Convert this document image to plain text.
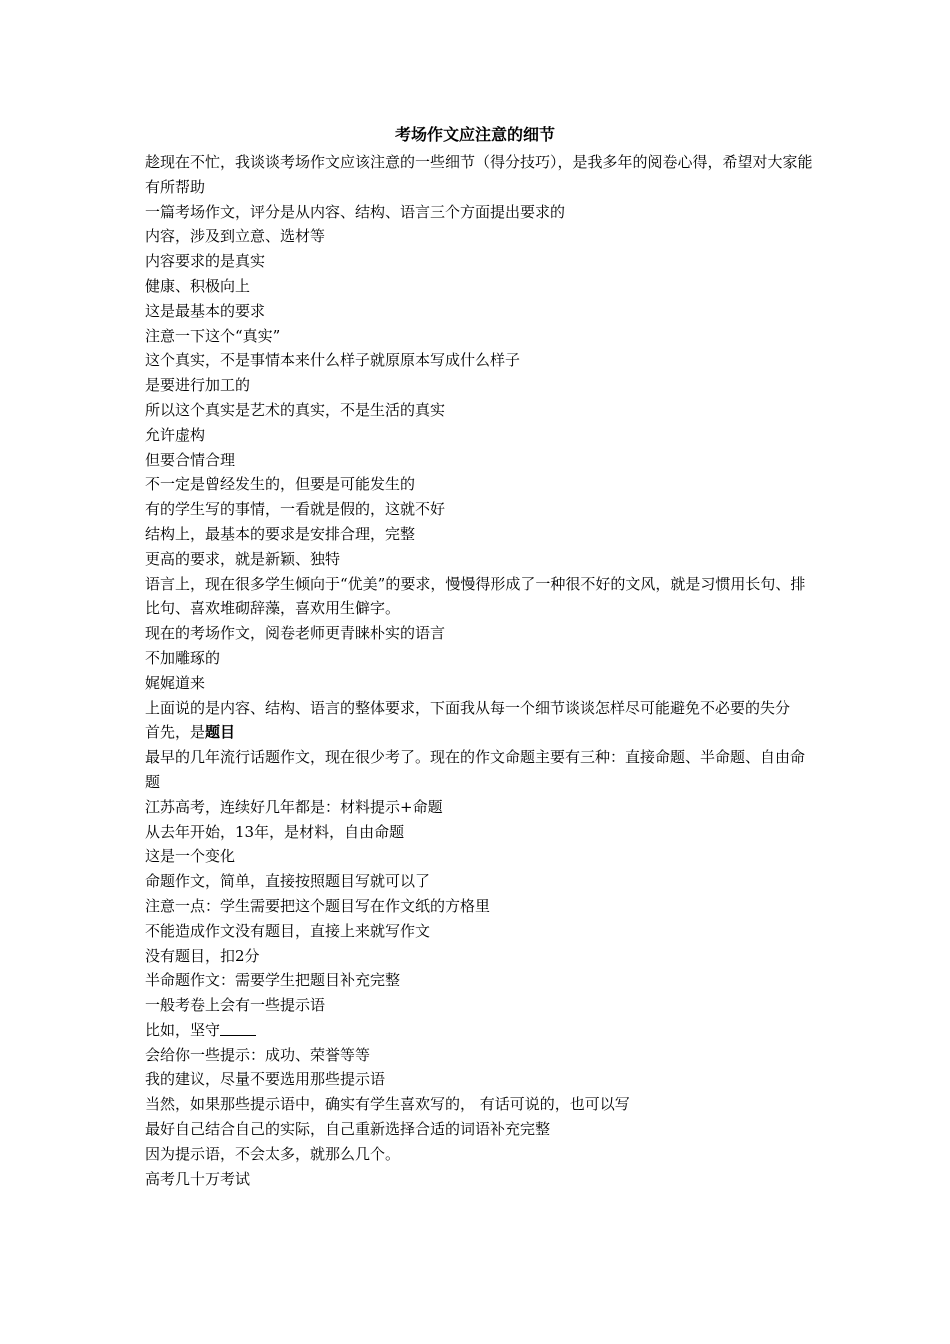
考场作文应注意的细节

趁现在不忙，我谈谈考场作文应该注意的一些细节（得分技巧），是我多年的阅卷心得，希望对大家能有所帮助

一篇考场作文，评分是从内容、结构、语言三个方面提出要求的

内容，涉及到立意、选材等

内容要求的是真实

健康、积极向上

这是最基本的要求

注意一下这个“真实”

这个真实，不是事情本来什么样子就原原本写成什么样子

是要进行加工的

所以这个真实是艺术的真实，不是生活的真实

允许虚构

但要合情合理

不一定是曾经发生的，但要是可能发生的

有的学生写的事情，一看就是假的，这就不好

结构上，最基本的要求是安排合理，完整

更高的要求，就是新颖、独特

语言上，现在很多学生倾向于“优美”的要求，慢慢得形成了一种很不好的文风，就是习惯用长句、排比句、喜欢堆砌辞藻，喜欢用生僻字。

现在的考场作文，阅卷老师更青睐朴实的语言

不加雕琢的

娓娓道来

上面说的是内容、结构、语言的整体要求，下面我从每一个细节谈谈怎样尽可能避免不必要的失分

首先，是题目

最早的几年流行话题作文，现在很少考了。现在的作文命题主要有三种：直接命题、半命题、自由命题

江苏高考，连续好几年都是：材料提示+命题

从去年开始，13年，是材料，自由命题

这是一个变化

命题作文，简单，直接按照题目写就可以了

注意一点：学生需要把这个题目写在作文纸的方格里

不能造成作文没有题目，直接上来就写作文

没有题目，扣2分

半命题作文：需要学生把题目补充完整

一般考卷上会有一些提示语

比如，坚守

会给你一些提示：成功、荣誉等等

我的建议，尽量不要选用那些提示语

当然，如果那些提示语中，确实有学生喜欢写的， 有话可说的，也可以写

最好自己结合自己的实际，自己重新选择合适的词语补充完整

因为提示语，不会太多，就那么几个。

高考几十万考试
